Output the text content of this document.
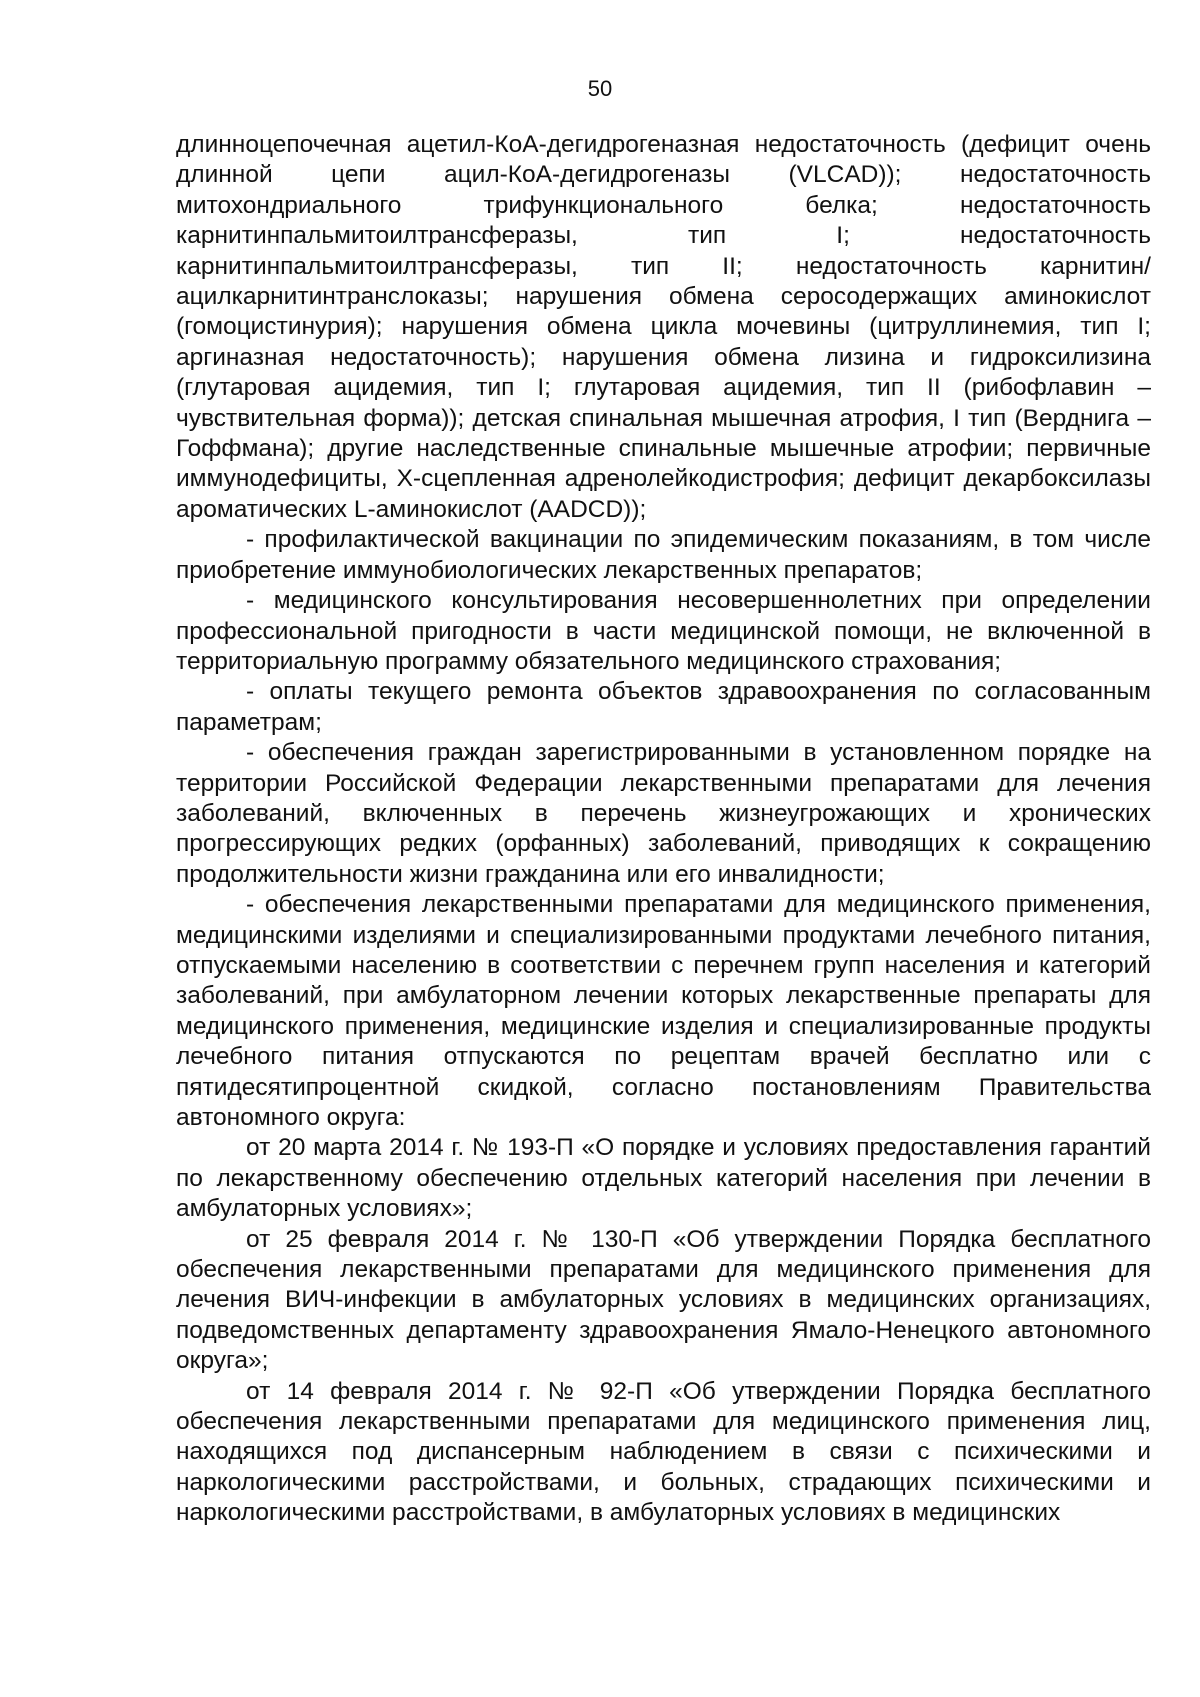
50

длинноцепочечная ацетил-КоА-дегидрогеназная недостаточность (дефицит очень длинной цепи ацил-КоА-дегидрогеназы (VLCAD)); недостаточность митохондриального трифункционального белка; недостаточность карнитинпальмитоилтрансферазы, тип I; недостаточность карнитинпальмитоилтрансферазы, тип II; недостаточность карнитин/ацилкарнитинтранслоказы; нарушения обмена серосодержащих аминокислот (гомоцистинурия); нарушения обмена цикла мочевины (цитруллинемия, тип I; аргиназная недостаточность); нарушения обмена лизина и гидроксилизина (глутаровая ацидемия, тип I; глутаровая ацидемия, тип II (рибофлавин – чувствительная форма)); детская спинальная мышечная атрофия, I тип (Верднига – Гоффмана); другие наследственные спинальные мышечные атрофии; первичные иммунодефициты, Х-сцепленная адренолейкодистрофия; дефицит декарбоксилазы ароматических L-аминокислот (AADCD));

- профилактической вакцинации по эпидемическим показаниям, в том числе приобретение иммунобиологических лекарственных препаратов;

- медицинского консультирования несовершеннолетних при определении профессиональной пригодности в части медицинской помощи, не включенной в территориальную программу обязательного медицинского страхования;

- оплаты текущего ремонта объектов здравоохранения по согласованным параметрам;

- обеспечения граждан зарегистрированными в установленном порядке на территории Российской Федерации лекарственными препаратами для лечения заболеваний, включенных в перечень жизнеугрожающих и хронических прогрессирующих редких (орфанных) заболеваний, приводящих к сокращению продолжительности жизни гражданина или его инвалидности;

- обеспечения лекарственными препаратами для медицинского применения, медицинскими изделиями и специализированными продуктами лечебного питания, отпускаемыми населению в соответствии с перечнем групп населения и категорий заболеваний, при амбулаторном лечении которых лекарственные препараты для медицинского применения, медицинские изделия и специализированные продукты лечебного питания отпускаются по рецептам врачей бесплатно или с пятидесятипроцентной скидкой, согласно постановлениям Правительства автономного округа:

от 20 марта 2014 г. № 193-П «О порядке и условиях предоставления гарантий по лекарственному обеспечению отдельных категорий населения при лечении в амбулаторных условиях»;

от 25 февраля 2014 г. № 130-П «Об утверждении Порядка бесплатного обеспечения лекарственными препаратами для медицинского применения для лечения ВИЧ-инфекции в амбулаторных условиях в медицинских организациях, подведомственных департаменту здравоохранения Ямало-Ненецкого автономного округа»;

от 14 февраля 2014 г. № 92-П «Об утверждении Порядка бесплатного обеспечения лекарственными препаратами для медицинского применения лиц, находящихся под диспансерным наблюдением в связи с психическими и наркологическими расстройствами, и больных, страдающих психическими и наркологическими расстройствами, в амбулаторных условиях в медицинских
